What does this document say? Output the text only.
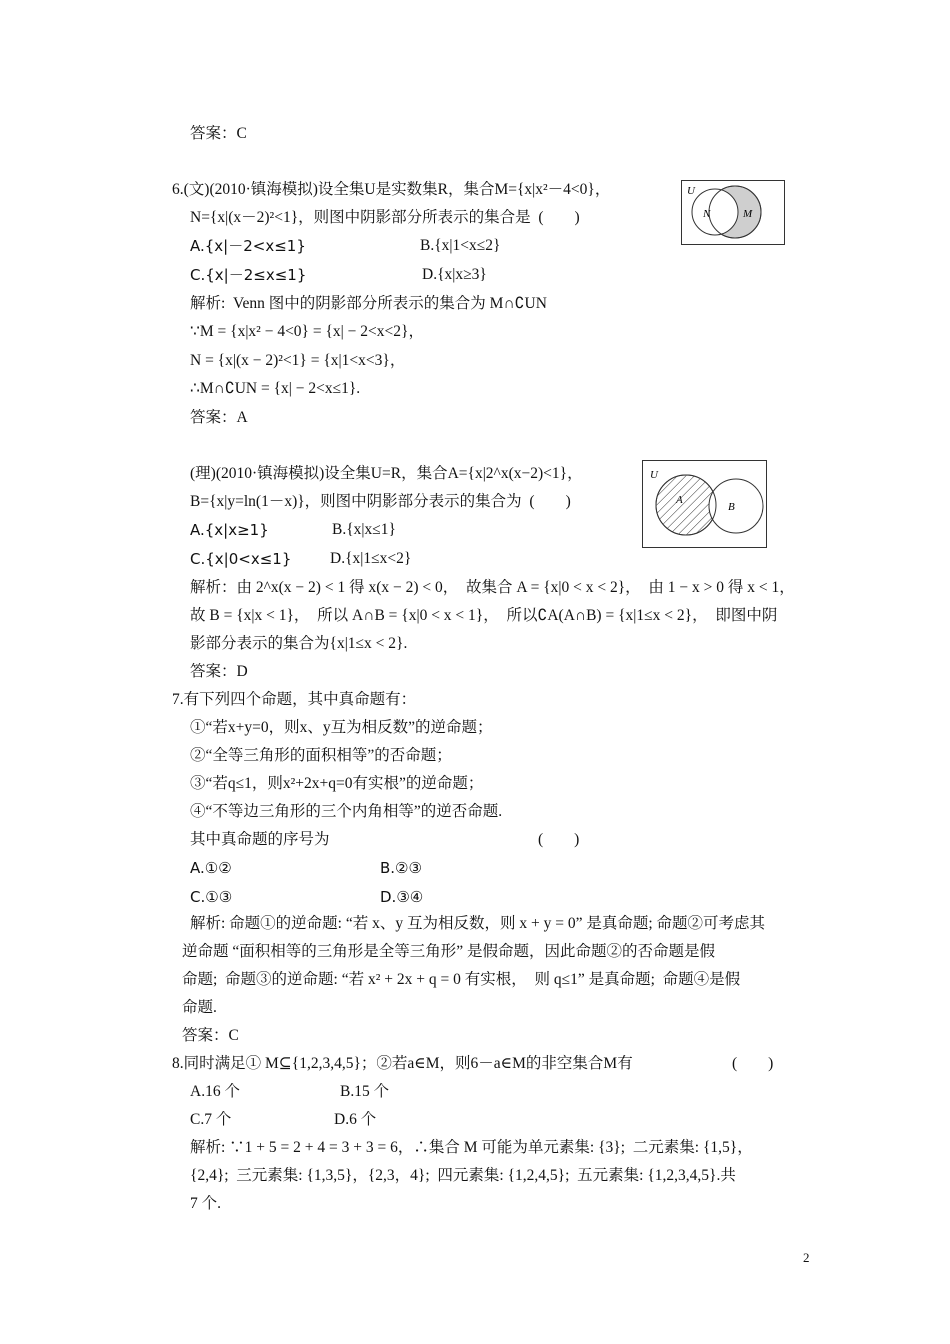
答案：C
6.(文)(2010·镇海模拟)设全集U是实数集R，集合M={x|x²－4<0}，
N={x|(x－2)²<1}，则图中阴影部分所表示的集合是  (　　)
A.{x|－2<x≤1}	B.{x|1<x≤2}
C.{x|－2≤x≤1}	D.{x|x≥3}
解析:  Venn 图中的阴影部分所表示的集合为 M∩∁UN
∵M = {x|x² − 4<0} = {x| − 2<x<2}，
N = {x|(x − 2)²<1} = {x|1<x<3}，
∴M∩∁UN = {x| − 2<x≤1}.
答案：A
U
N	M
(理)(2010·镇海模拟)设全集U=R，集合A={x|2^x(x−2)<1}，
B={x|y=ln(1－x)}，则图中阴影部分表示的集合为  (　　)
A.{x|x≥1}	B.{x|x≤1}
C.{x|0<x≤1} D.{x|1≤x<2}
解析：由 2^x(x − 2) < 1 得 x(x − 2) < 0，  故集合 A = {x|0 < x < 2}，  由 1 − x > 0 得 x < 1，
故 B = {x|x < 1}，  所以 A∩B = {x|0 < x < 1}，  所以∁A(A∩B) = {x|1≤x < 2}，  即图中阴
影部分表示的集合为{x|1≤x < 2}.
答案：D
U
A
B
7.有下列四个命题，其中真命题有：
①“若x+y=0，则x、y互为相反数”的逆命题；
②“全等三角形的面积相等”的否命题；
③“若q≤1，则x²+2x+q=0有实根”的逆命题；
④“不等边三角形的三个内角相等”的逆否命题.
其中真命题的序号为	(　　)
A.①②	B.②③
C.①③	D.③④
解析: 命题①的逆命题: “若 x、y 互为相反数，则 x + y = 0” 是真命题; 命题②可考虑其
逆命题 “面积相等的三角形是全等三角形” 是假命题，因此命题②的否命题是假
命题;  命题③的逆命题: “若 x² + 2x + q = 0 有实根，  则 q≤1” 是真命题;  命题④是假
命题.
答案：C
8.同时满足① M⊆{1,2,3,4,5}；②若a∈M，则6－a∈M的非空集合M有	(　　)
A.16 个	B.15 个
C.7 个	D.6 个
解析: ∵1 + 5 = 2 + 4 = 3 + 3 = 6，∴集合 M 可能为单元素集: {3};  二元素集: {1,5}，
{2,4};  三元素集: {1,3,5}，{2,3，4};  四元素集: {1,2,4,5};  五元素集: {1,2,3,4,5}.共
7 个.
2
